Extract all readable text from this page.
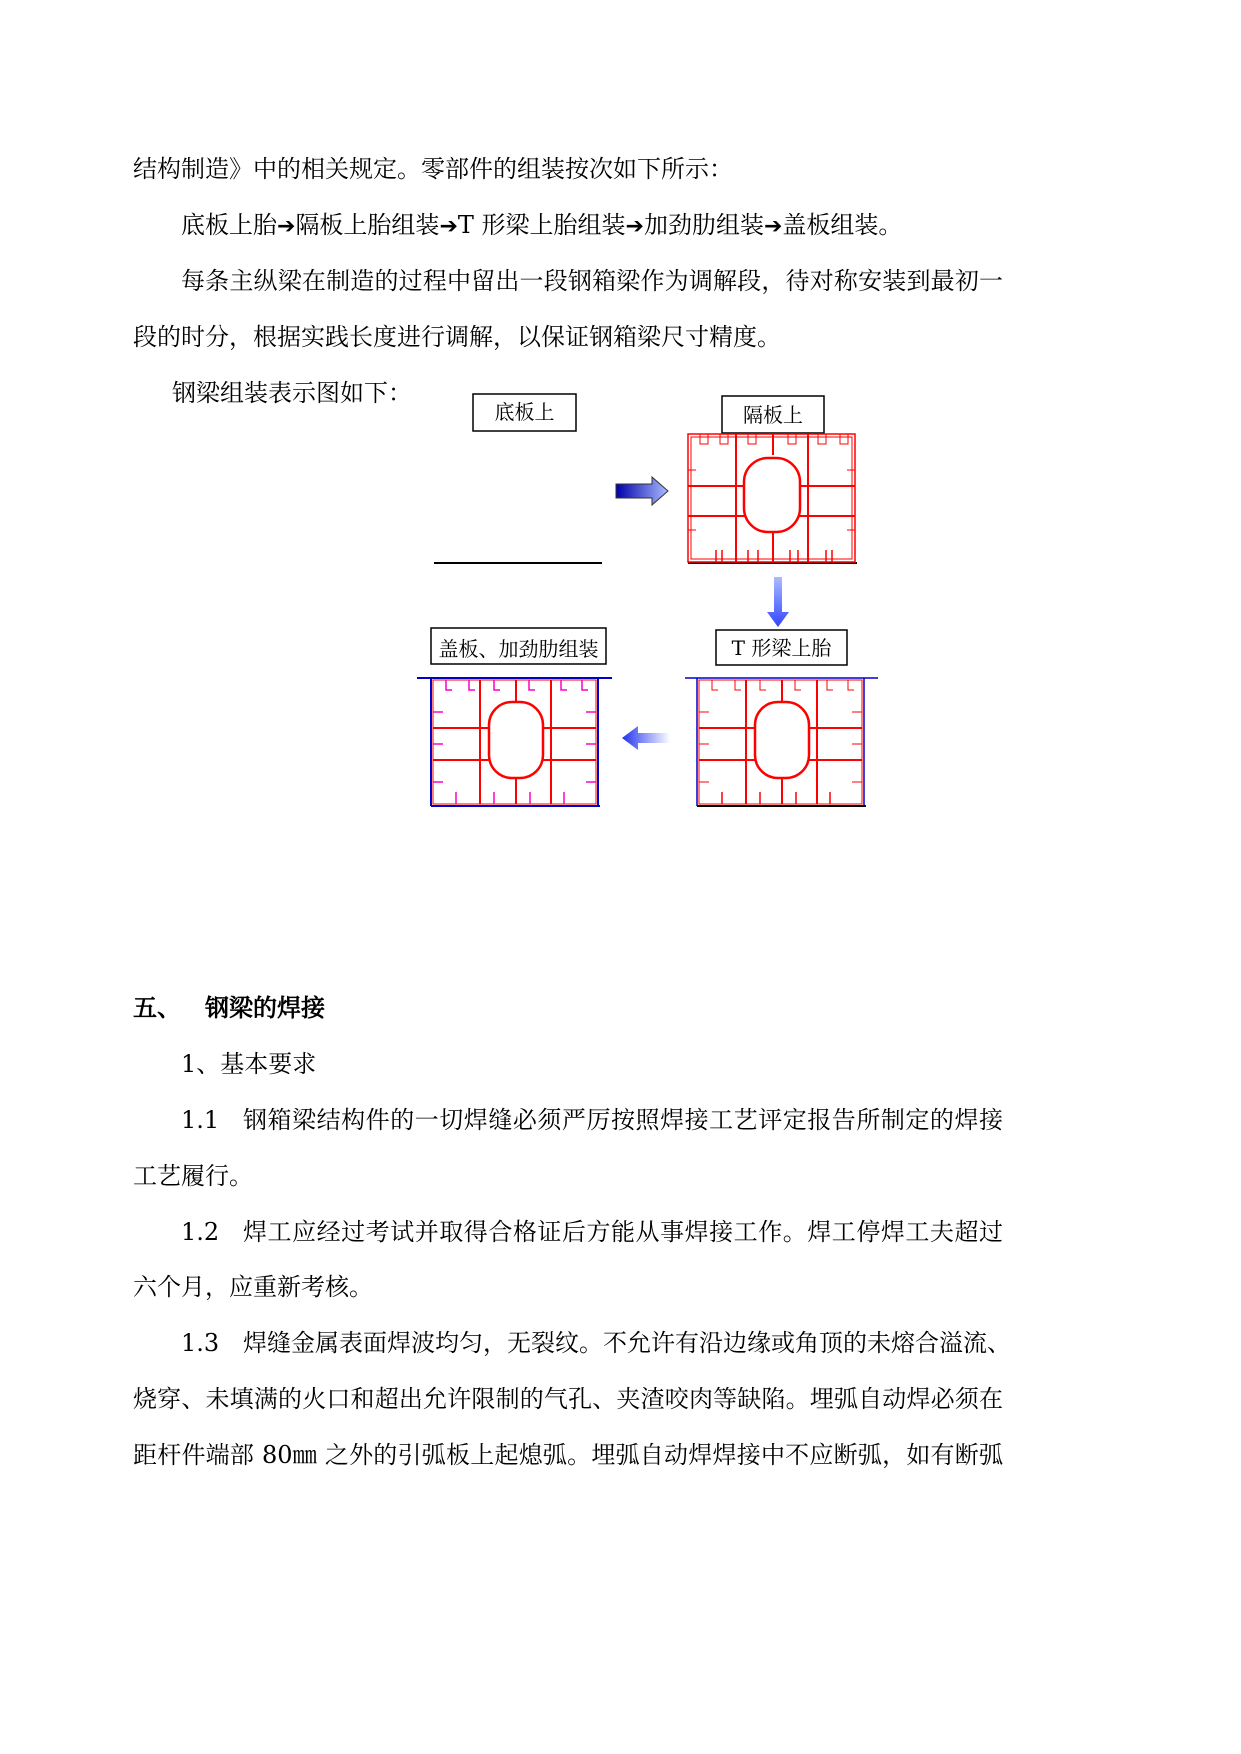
结构制造》中的相关规定。零部件的组装按次如下所示：
底板上胎➔隔板上胎组装➔T 形梁上胎组装➔加劲肋组装➔盖板组装。
每条主纵梁在制造的过程中留出一段钢箱梁作为调解段，待对称安装到最初一
段的时分，根据实践长度进行调解，以保证钢箱梁尺寸精度。
钢梁组装表示图如下：
底板上	隔板上
T 形梁上胎
盖板、加劲肋组装
五、 钢梁的焊接
1、基本要求
1.1 钢箱梁结构件的一切焊缝必须严厉按照焊接工艺评定报告所制定的焊接
工艺履行。
1.2 焊工应经过考试并取得合格证后方能从事焊接工作。焊工停焊工夫超过
六个月，应重新考核。
1.3 焊缝金属表面焊波均匀，无裂纹。不允许有沿边缘或角顶的未熔合溢流、
烧穿、未填满的火口和超出允许限制的气孔、夹渣咬肉等缺陷。埋弧自动焊必须在
距杆件端部 80㎜ 之外的引弧板上起熄弧。埋弧自动焊焊接中不应断弧，如有断弧
